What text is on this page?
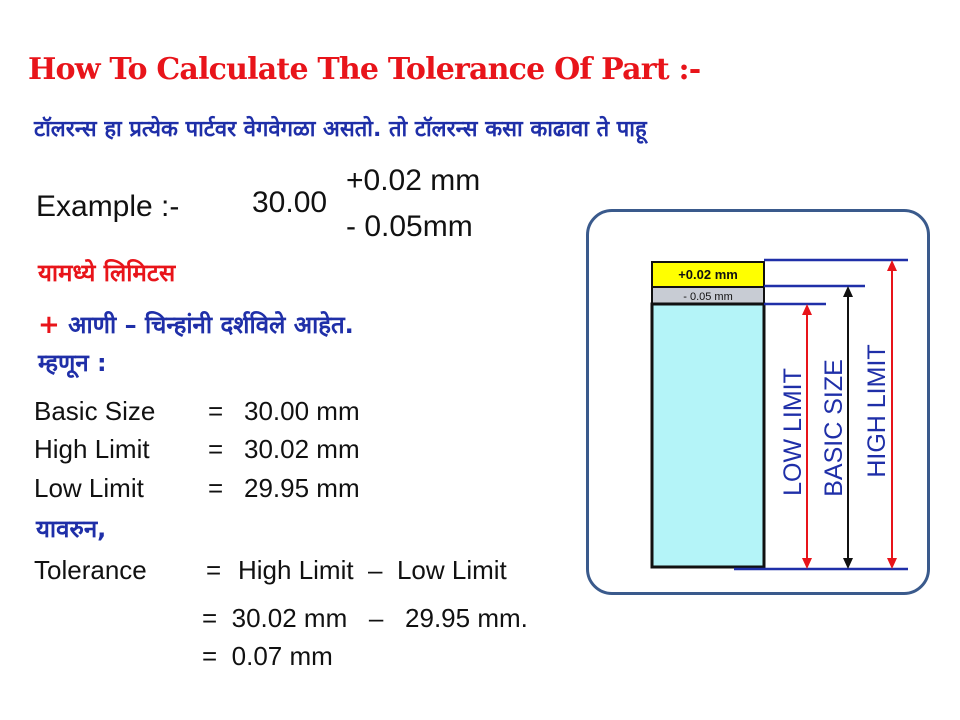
How To Calculate The Tolerance Of Part :-
टॉलरन्स हा प्रत्येक पार्टवर वेगवेगळा असतो. तो टॉलरन्स कसा काढावा ते पाहू
Example :- 30.00
+0.02 mm
- 0.05mm
यामध्ये लिमिटस
+ आणी – चिन्हांनी दर्शविले आहेत.
म्हणून :
Basic Size = 30.00 mm
High Limit = 30.02 mm
Low Limit = 29.95 mm
यावरुन,
Tolerance = High Limit  –  Low Limit
=  30.02 mm   –   29.95 mm.
=  0.07 mm
+0.02 mm
- 0.05 mm
LOW LIMIT BASIC SIZE HIGH LIMIT
